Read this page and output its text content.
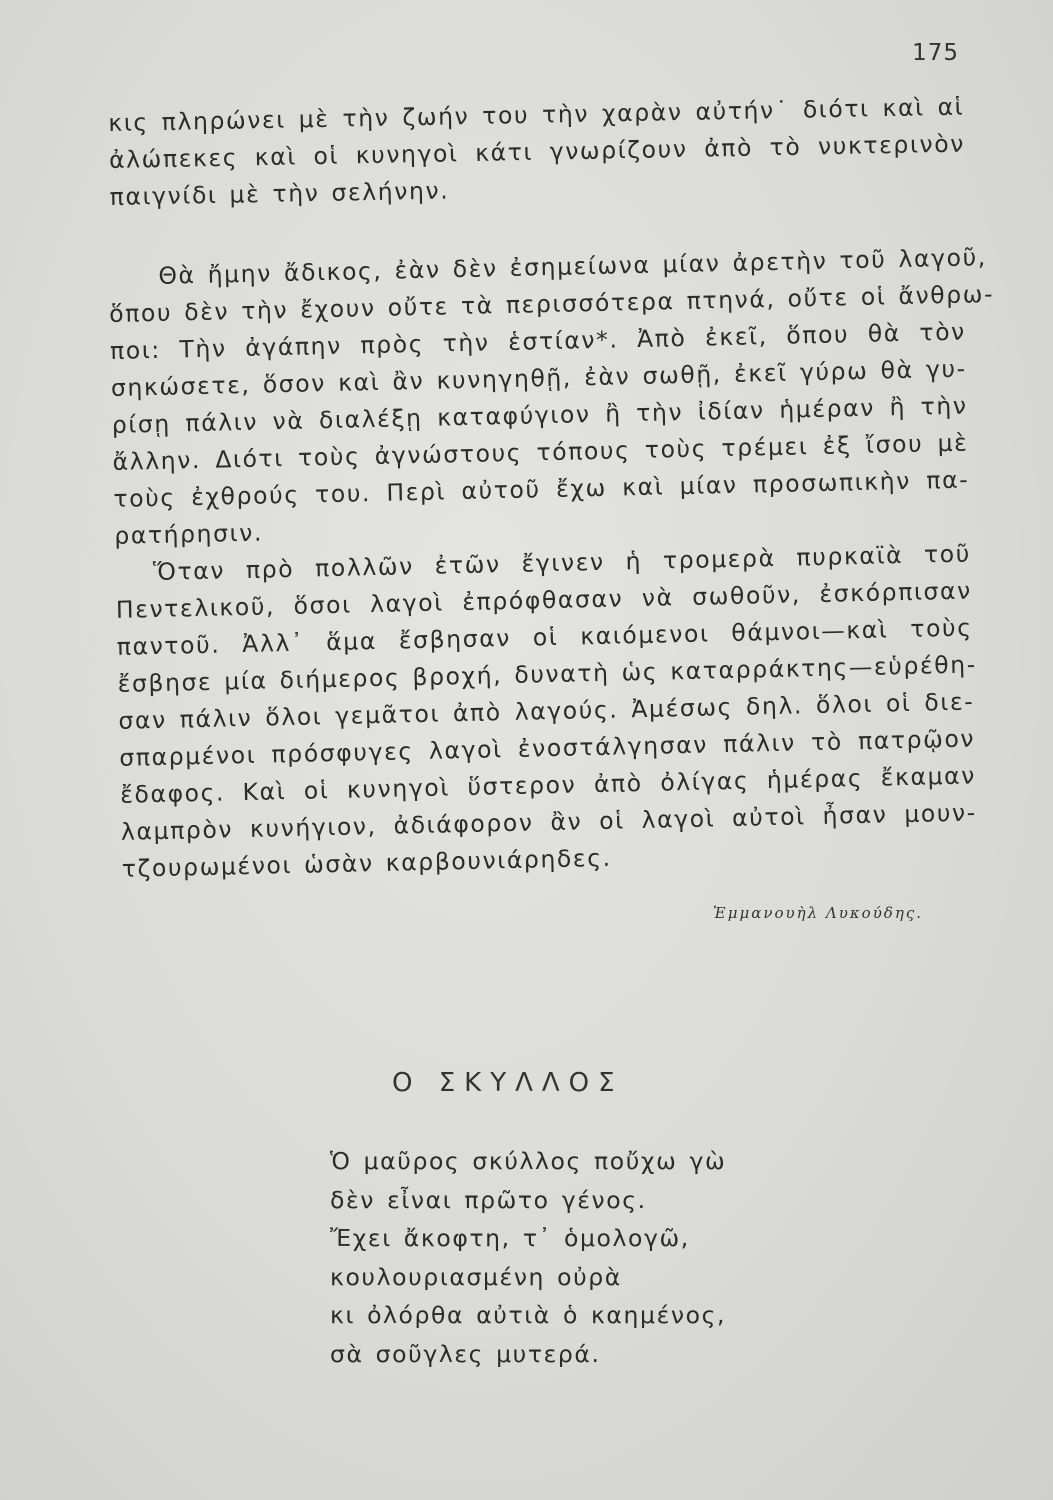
175
κις πληρώνει μὲ τὴν ζωήν του τὴν χαρὰν αὐτήν˙ διότι καὶ αἱ
ἀλώπεκες καὶ οἱ κυνηγοὶ κάτι γνωρίζουν ἀπὸ τὸ νυκτερινὸν
παιγνίδι μὲ τὴν σελήνην.
Θὰ ἤμην ἄδικος, ἐὰν δὲν ἐσημείωνα μίαν ἀρετὴν τοῦ λαγοῦ,
ὅπου δὲν τὴν ἔχουν οὔτε τὰ περισσότερα πτηνά, οὔτε οἱ ἄνθρω-
ποι: Τὴν ἀγάπην πρὸς τὴν ἑστίαν*. Ἀπὸ ἐκεῖ, ὅπου θὰ τὸν
σηκώσετε, ὅσον καὶ ἂν κυνηγηθῇ, ἐὰν σωθῇ, ἐκεῖ γύρω θὰ γυ-
ρίσῃ πάλιν νὰ διαλέξῃ καταφύγιον ἢ τὴν ἰδίαν ἡμέραν ἢ τὴν
ἄλλην. Διότι τοὺς ἀγνώστους τόπους τοὺς τρέμει ἐξ ἴσου μὲ
τοὺς ἐχθρούς του. Περὶ αὐτοῦ ἔχω καὶ μίαν προσωπικὴν πα-
ρατήρησιν.
Ὅταν πρὸ πολλῶν ἐτῶν ἔγινεν ἡ τρομερὰ πυρκαϊὰ τοῦ
Πεντελικοῦ, ὅσοι λαγοὶ ἐπρόφθασαν νὰ σωθοῦν, ἐσκόρπισαν
παντοῦ. Ἀλλ᾽ ἅμα ἔσβησαν οἱ καιόμενοι θάμνοι—καὶ τοὺς
ἔσβησε μία διήμερος βροχή, δυνατὴ ὡς καταρράκτης—εὑρέθη-
σαν πάλιν ὅλοι γεμᾶτοι ἀπὸ λαγούς. Ἀμέσως δηλ. ὅλοι οἱ διε-
σπαρμένοι πρόσφυγες λαγοὶ ἐνοστάλγησαν πάλιν τὸ πατρῷον
ἔδαφος. Καὶ οἱ κυνηγοὶ ὕστερον ἀπὸ ὀλίγας ἡμέρας ἔκαμαν
λαμπρὸν κυνήγιον, ἀδιάφορον ἂν οἱ λαγοὶ αὐτοὶ ἦσαν μουν-
τζουρωμένοι ὡσὰν καρβουνιάρηδες.
Ἐμμανουὴλ Λυκούδης.
Ο ΣΚΥΛΛΟΣ
Ὁ μαῦρος σκύλλος ποὔχω γὼ
δὲν εἶναι πρῶτο γένος.
Ἔχει ἄκοφτη, τ᾽ ὁμολογῶ,
κουλουριασμένη οὐρὰ
κι ὀλόρθα αὐτιὰ ὁ καημένος,
σὰ σοῦγλες μυτερά.
